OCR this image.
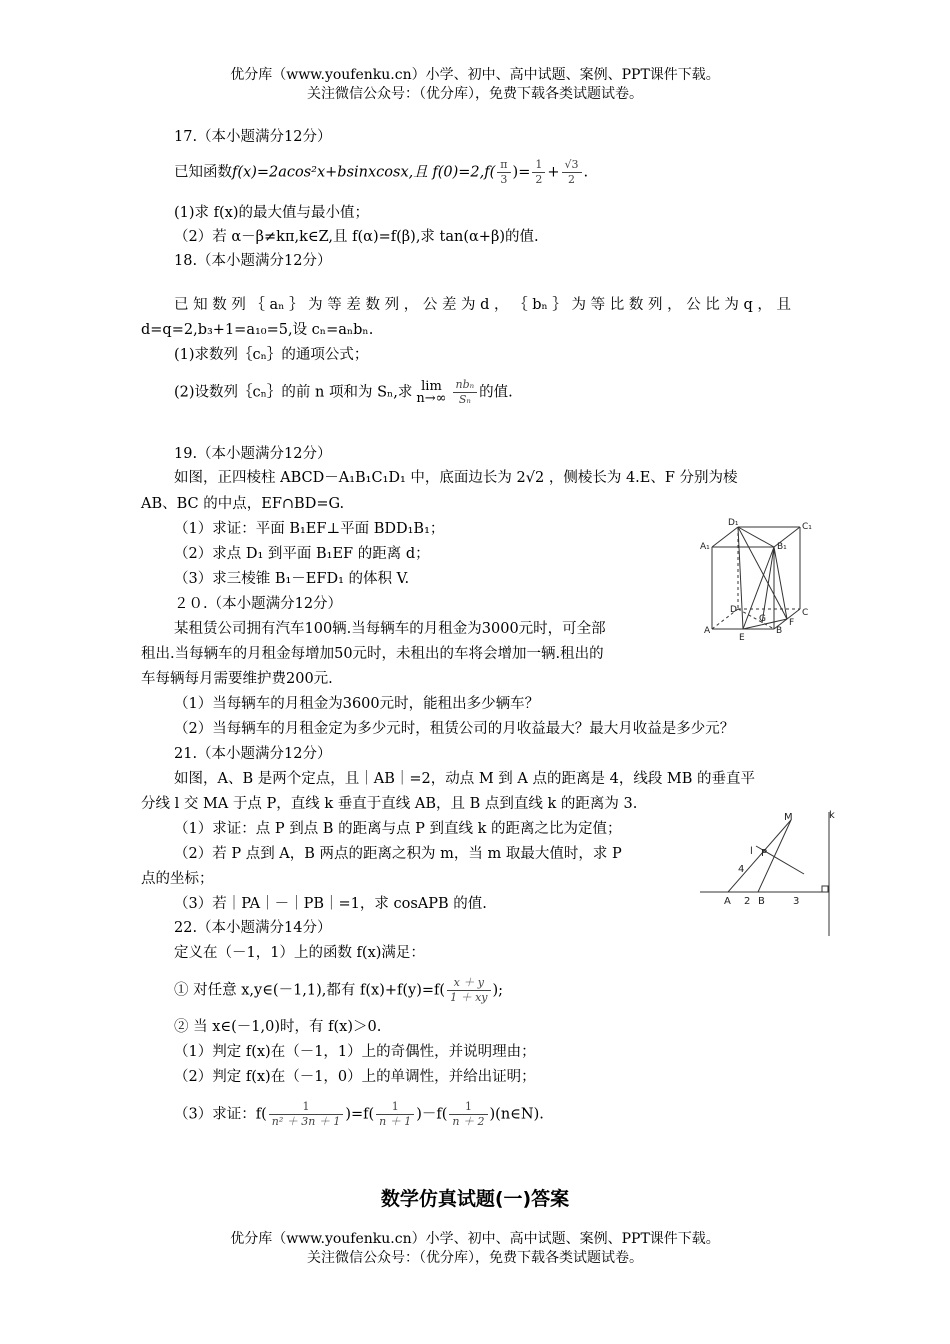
优分库（www.youfenku.cn）小学、初中、高中试题、案例、PPT课件下载。
关注微信公众号：（优分库），免费下载各类试题试卷。
17.（本小题满分12分）
已知函数f(x)=2acos²x+bsinxcosx,且 $f(0)=2,f( \frac{\pi}{3}$ )= $\frac{1}{2} + \frac{√3}{2}$ .
(1)求 f(x)的最大值与最小值；
（2）若 α－β≠kπ,k∈Z,且 f(α)=f(β),求 tan(α+β)的值.
18.（本小题满分12分）
已 知 数 列 ｛ aₙ ｝ 为 等 差 数 列 ， 公 差 为 d ， ｛ bₙ ｝ 为 等 比 数 列 ， 公 比 为 q ， 且
d=q=2,b₃+1=a₁₀=5,设 cₙ=aₙbₙ.
(1)求数列｛cₙ｝的通项公式；
(2)设数列｛cₙ｝的前 n 项和为 Sₙ,求 lim
$n\to\infty \frac{\text{nbₙ}}{\text{Sₙ}}$ 的值.
19.（本小题满分12分）
如图，正四棱柱 ABCD－A₁B₁C₁D₁ 中，底面边长为 2√2 ，侧棱长为 4.E、F 分别为棱
AB、BC 的中点，EF∩BD=G.
（1）求证：平面 B₁EF⊥平面 BDD₁B₁；
（2）求点 D₁ 到平面 B₁EF 的距离 d；
（3）求三棱锥 B₁－EFD₁ 的体积 V.
D₁	C₁
A₁	B₁
D	C
A	B
E
F
G
２０.（本小题满分12分）
某租赁公司拥有汽车100辆.当每辆车的月租金为3000元时，可全部
租出.当每辆车的月租金每增加50元时，未租出的车将会增加一辆.租出的
车每辆每月需要维护费200元.
（1）当每辆车的月租金为3600元时，能租出多少辆车？
（2）当每辆车的月租金定为多少元时，租赁公司的月收益最大？最大月收益是多少元？
21.（本小题满分12分）
如图，A、B 是两个定点，且｜AB｜=2，动点 M 到 A 点的距离是 4，线段 MB 的垂直平
分线 l 交 MA 于点 P，直线 k 垂直于直线 AB，且 B 点到直线 k 的距离为 3.
（1）求证：点 P 到点 B 的距离与点 P 到直线 k 的距离之比为定值；
（2）若 P 点到 A，B 两点的距离之积为 m，当 m 取最大值时，求 P
点的坐标；
（3）若｜PA｜－｜PB｜=1，求 cosAPB 的值.
M	k
l P
4
A 2 B	3
22.（本小题满分14分）
定义在（－1，1）上的函数 f(x)满足：
① 对任意 x,y∈(－1,1),都有 $f(x)+f(y)=f( \frac{x + y}{1 + xy}$ );
② 当 x∈(－1,0)时，有 f(x)＞0.
（1）判定 f(x)在（－1，1）上的奇偶性，并说明理由；
（2）判定 f(x)在（－1，0）上的单调性，并给出证明；
（3）求证：$f( \frac{1}{\text{n² ＋ 3n ＋ 1}} )=f( \frac{1}{n + 1} )-f( \frac{1}{n + 2}$ )(n∈N).
数学仿真试题(一)答案
优分库（www.youfenku.cn）小学、初中、高中试题、案例、PPT课件下载。
关注微信公众号：（优分库），免费下载各类试题试卷。
